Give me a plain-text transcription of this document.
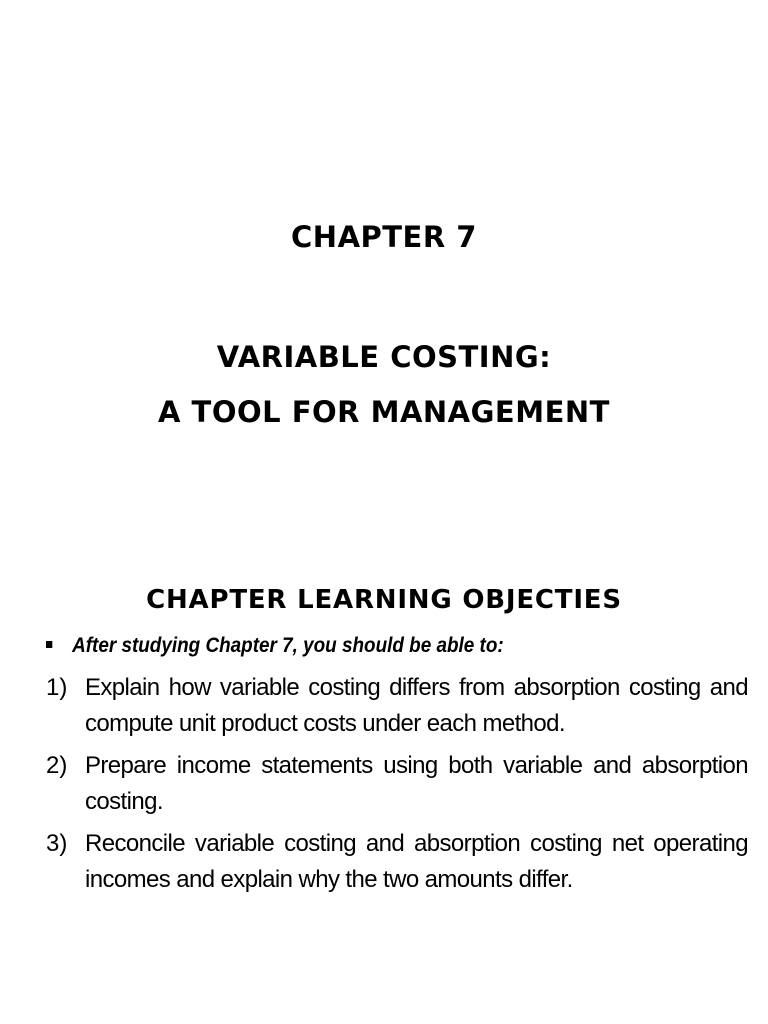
CHAPTER 7
VARIABLE COSTING:
A TOOL FOR MANAGEMENT
CHAPTER LEARNING OBJECTIES
After studying Chapter 7, you should be able to:
1) Explain how variable costing differs from absorption costing and compute unit product costs under each method.
2) Prepare income statements using both variable and absorption costing.
3) Reconcile variable costing and absorption costing net operating incomes and explain why the two amounts differ.
